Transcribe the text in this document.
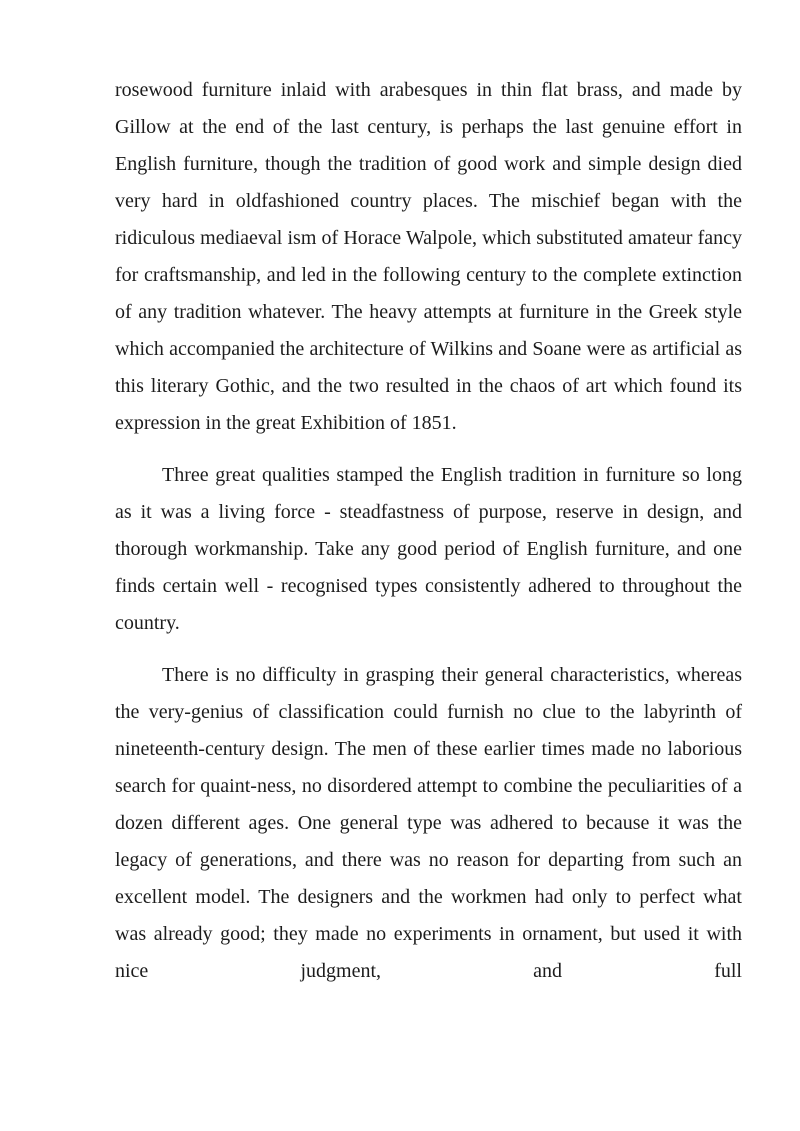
rosewood furniture inlaid with arabesques in thin flat brass, and made by Gillow at the end of the last century, is perhaps the last genuine effort in English furniture, though the tradition of good work and simple design died very hard in oldfashioned country places. The mischief began with the ridiculous mediaeval ism of Horace Walpole, which substituted amateur fancy for craftsmanship, and led in the following century to the complete extinction of any tradition whatever. The heavy attempts at furniture in the Greek style which accompanied the architecture of Wilkins and Soane were as artificial as this literary Gothic, and the two resulted in the chaos of art which found its expression in the great Exhibition of 1851.

Three great qualities stamped the English tradition in furniture so long as it was a living force - steadfastness of purpose, reserve in design, and thorough workmanship. Take any good period of English furniture, and one finds certain well - recognised types consistently adhered to throughout the country.

There is no difficulty in grasping their general characteristics, whereas the very-genius of classification could furnish no clue to the labyrinth of nineteenth-century design. The men of these earlier times made no laborious search for quaint-ness, no disordered attempt to combine the peculiarities of a dozen different ages. One general type was adhered to because it was the legacy of generations, and there was no reason for departing from such an excellent model. The designers and the workmen had only to perfect what was already good; they made no experiments in ornament, but used it with nice judgment, and full
